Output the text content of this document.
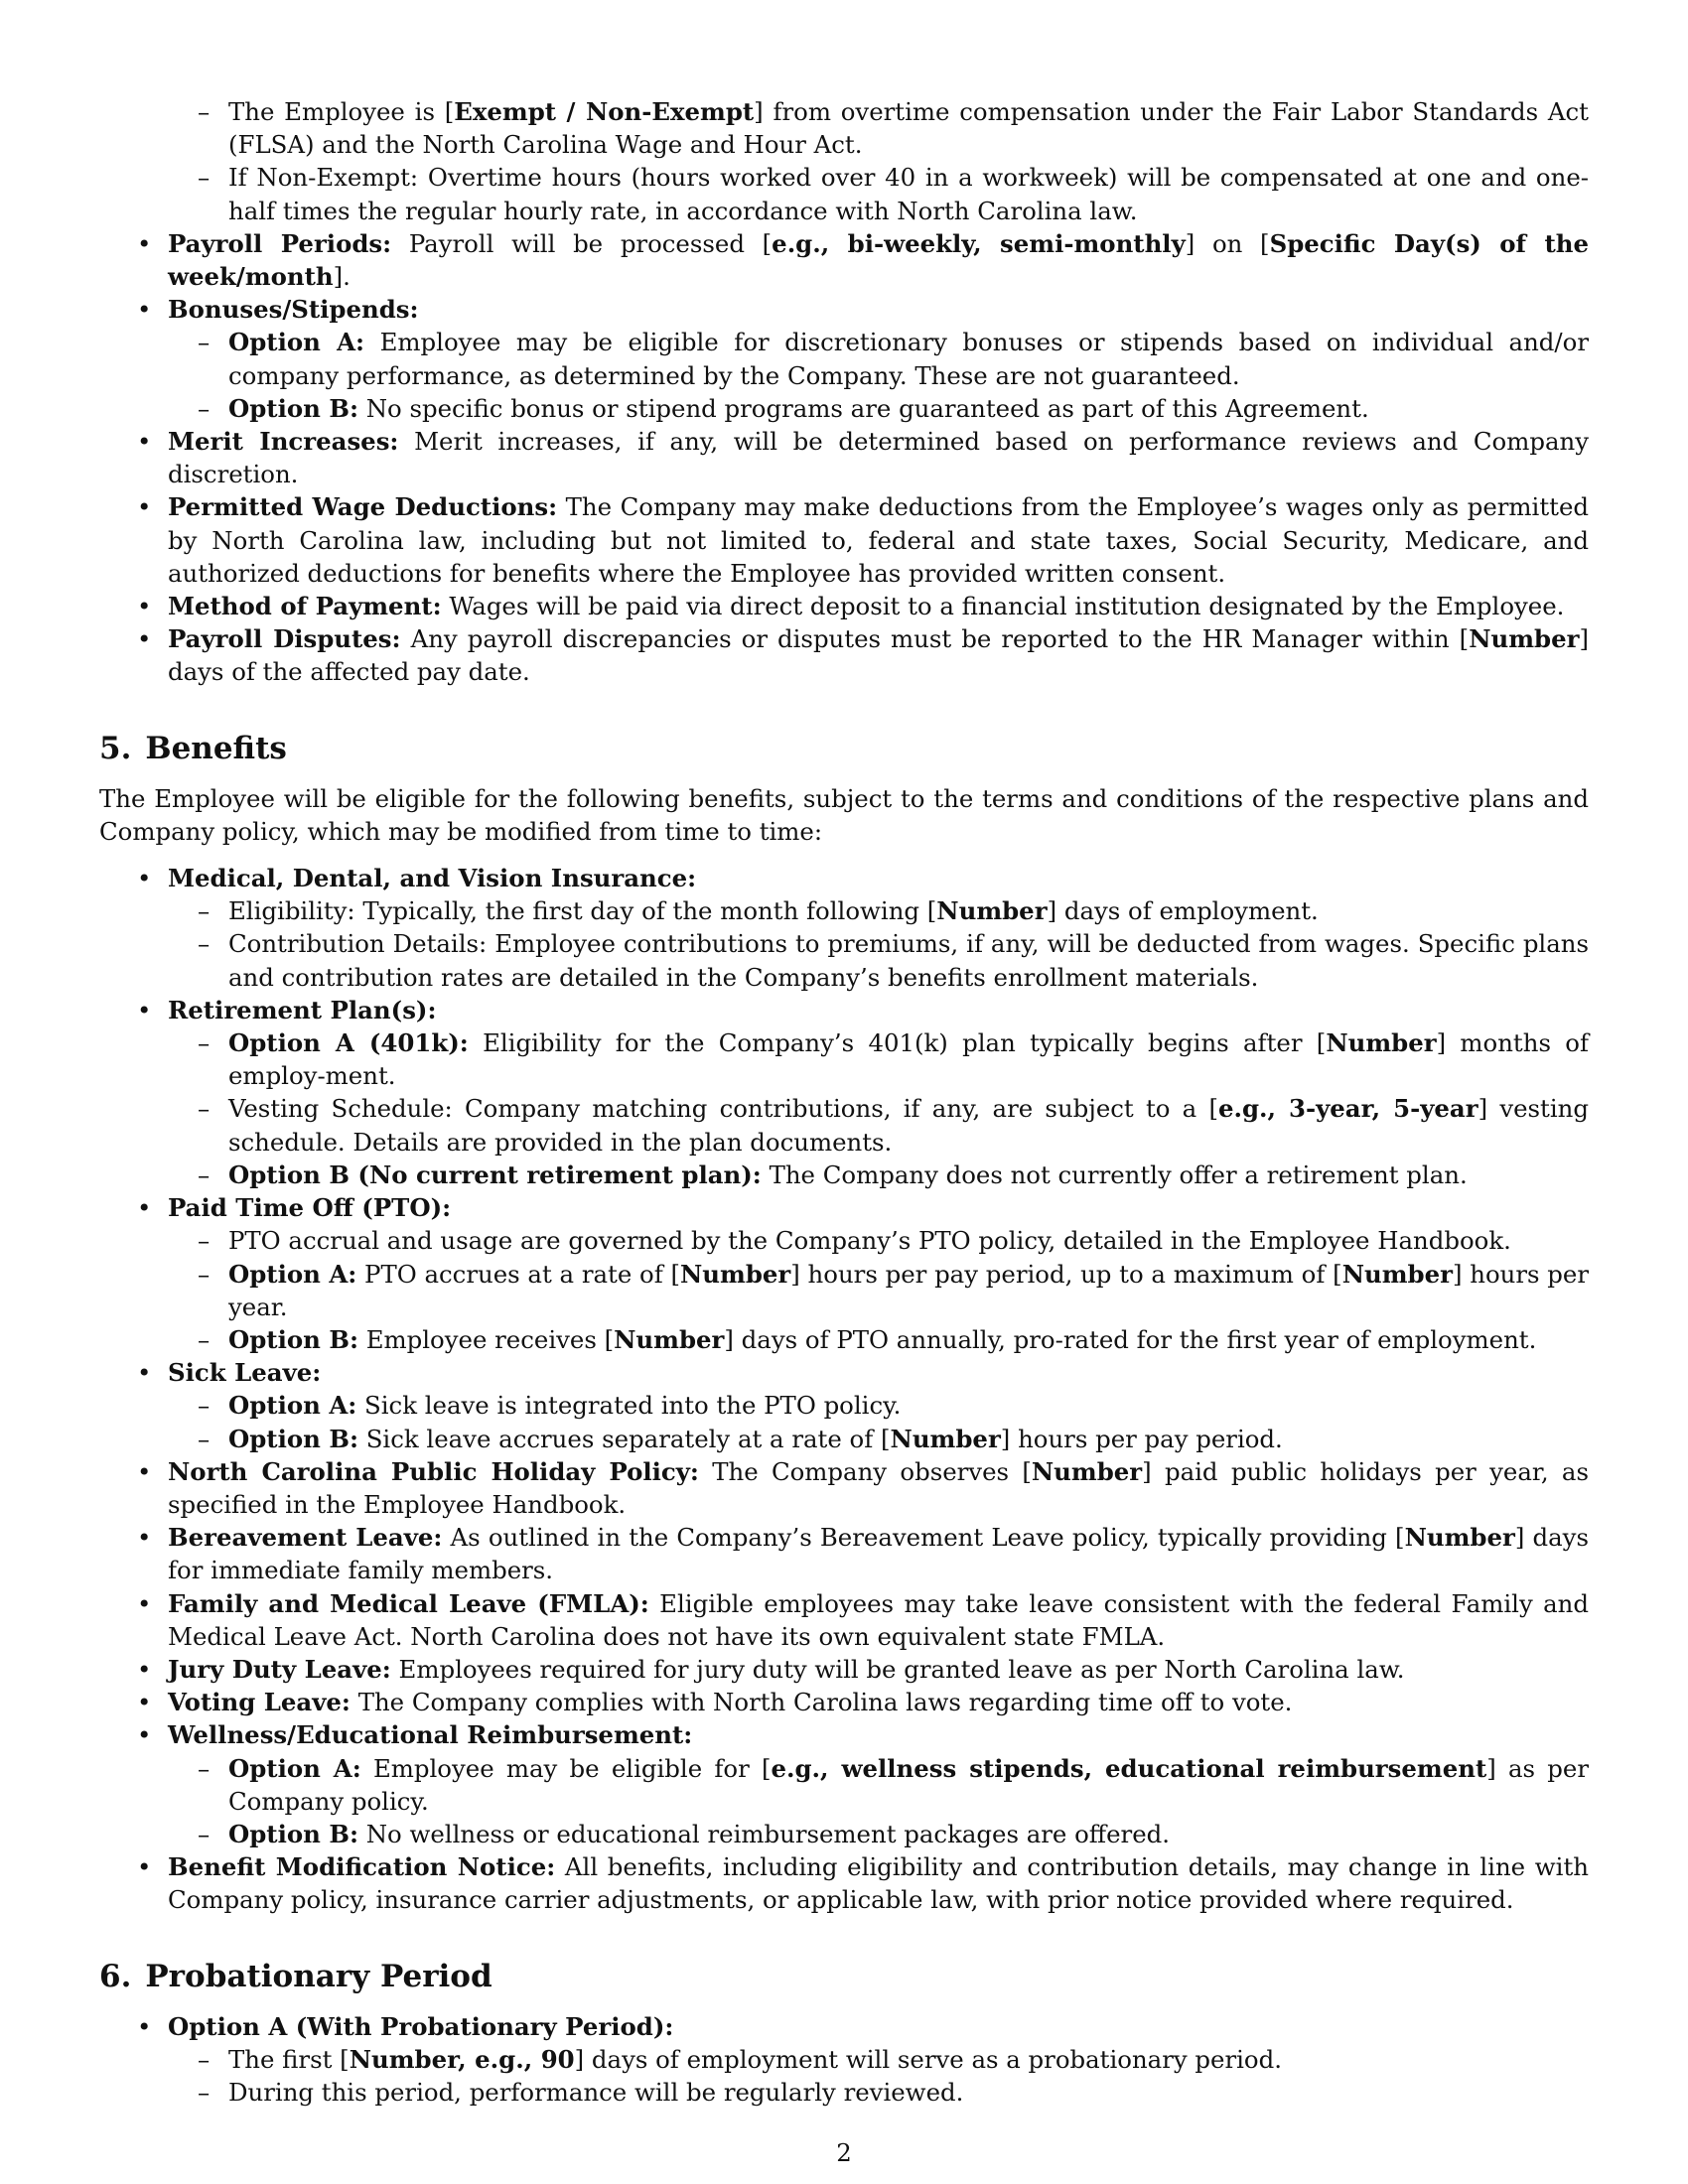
– The Employee is [Exempt / Non-Exempt] from overtime compensation under the Fair Labor Standards Act (FLSA) and the North Carolina Wage and Hour Act.
– If Non-Exempt: Overtime hours (hours worked over 40 in a workweek) will be compensated at one and one-half times the regular hourly rate, in accordance with North Carolina law.
• Payroll Periods: Payroll will be processed [e.g., bi-weekly, semi-monthly] on [Specific Day(s) of the week/month].
• Bonuses/Stipends:
– Option A: Employee may be eligible for discretionary bonuses or stipends based on individual and/or company performance, as determined by the Company. These are not guaranteed.
– Option B: No specific bonus or stipend programs are guaranteed as part of this Agreement.
• Merit Increases: Merit increases, if any, will be determined based on performance reviews and Company discretion.
• Permitted Wage Deductions: The Company may make deductions from the Employee’s wages only as permitted by North Carolina law, including but not limited to, federal and state taxes, Social Security, Medicare, and authorized deductions for benefits where the Employee has provided written consent.
• Method of Payment: Wages will be paid via direct deposit to a financial institution designated by the Employee.
• Payroll Disputes: Any payroll discrepancies or disputes must be reported to the HR Manager within [Number] days of the affected pay date.
5. Benefits

The Employee will be eligible for the following benefits, subject to the terms and conditions of the respective plans and Company policy, which may be modified from time to time:

• Medical, Dental, and Vision Insurance:
– Eligibility: Typically, the first day of the month following [Number] days of employment.
– Contribution Details: Employee contributions to premiums, if any, will be deducted from wages. Specific plans and contribution rates are detailed in the Company’s benefits enrollment materials.
• Retirement Plan(s):
– Option A (401k): Eligibility for the Company’s 401(k) plan typically begins after [Number] months of employ-ment.
– Vesting Schedule: Company matching contributions, if any, are subject to a [e.g., 3-year, 5-year] vesting schedule. Details are provided in the plan documents.
– Option B (No current retirement plan): The Company does not currently offer a retirement plan.
• Paid Time Off (PTO):
– PTO accrual and usage are governed by the Company’s PTO policy, detailed in the Employee Handbook.
– Option A: PTO accrues at a rate of [Number] hours per pay period, up to a maximum of [Number] hours per year.
– Option B: Employee receives [Number] days of PTO annually, pro-rated for the first year of employment.
• Sick Leave:
– Option A: Sick leave is integrated into the PTO policy.
– Option B: Sick leave accrues separately at a rate of [Number] hours per pay period.
• North Carolina Public Holiday Policy: The Company observes [Number] paid public holidays per year, as specified in the Employee Handbook.
• Bereavement Leave: As outlined in the Company’s Bereavement Leave policy, typically providing [Number] days for immediate family members.
• Family and Medical Leave (FMLA): Eligible employees may take leave consistent with the federal Family and Medical Leave Act. North Carolina does not have its own equivalent state FMLA.
• Jury Duty Leave: Employees required for jury duty will be granted leave as per North Carolina law.
• Voting Leave: The Company complies with North Carolina laws regarding time off to vote.
• Wellness/Educational Reimbursement:
– Option A: Employee may be eligible for [e.g., wellness stipends, educational reimbursement] as per Company policy.
– Option B: No wellness or educational reimbursement packages are offered.
• Benefit Modification Notice: All benefits, including eligibility and contribution details, may change in line with Company policy, insurance carrier adjustments, or applicable law, with prior notice provided where required.
6. Probationary Period
• Option A (With Probationary Period):
– The first [Number, e.g., 90] days of employment will serve as a probationary period.
– During this period, performance will be regularly reviewed.
2
